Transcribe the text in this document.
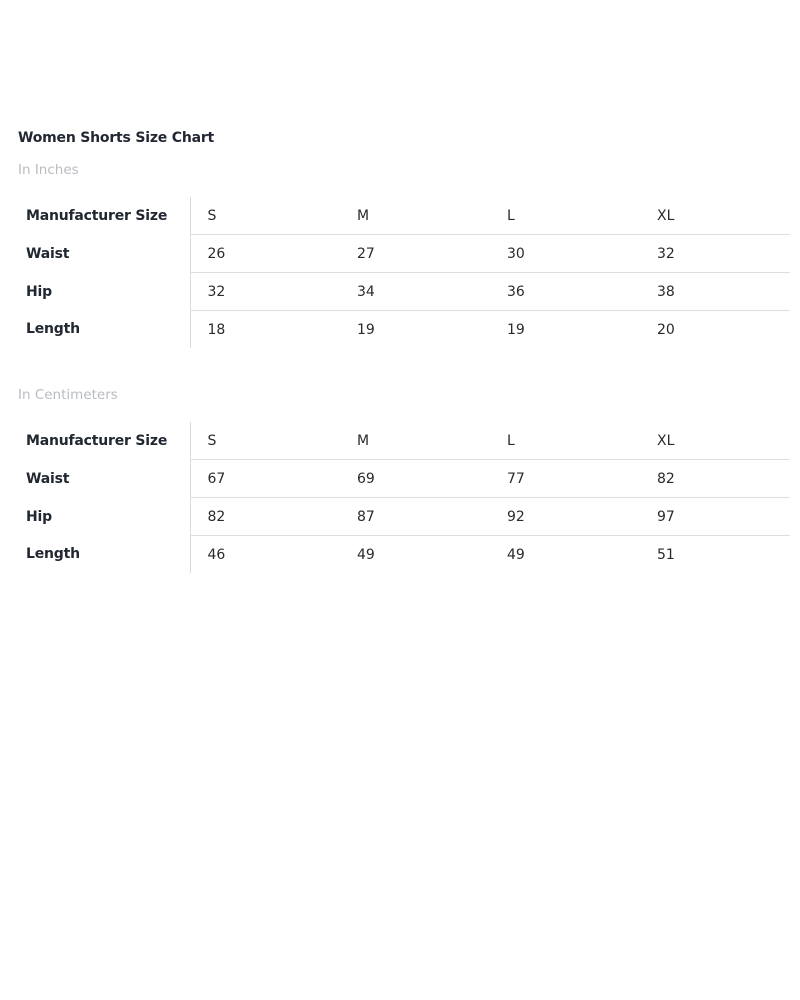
Women Shorts Size Chart
In Inches
Manufacturer Size	S	M	L	XL
Waist	26	27	30	32
Hip	32	34	36	38
Length	18	19	19	20
In Centimeters
Manufacturer Size	S	M	L	XL
Waist	67	69	77	82
Hip	82	87	92	97
Length	46	49	49	51
